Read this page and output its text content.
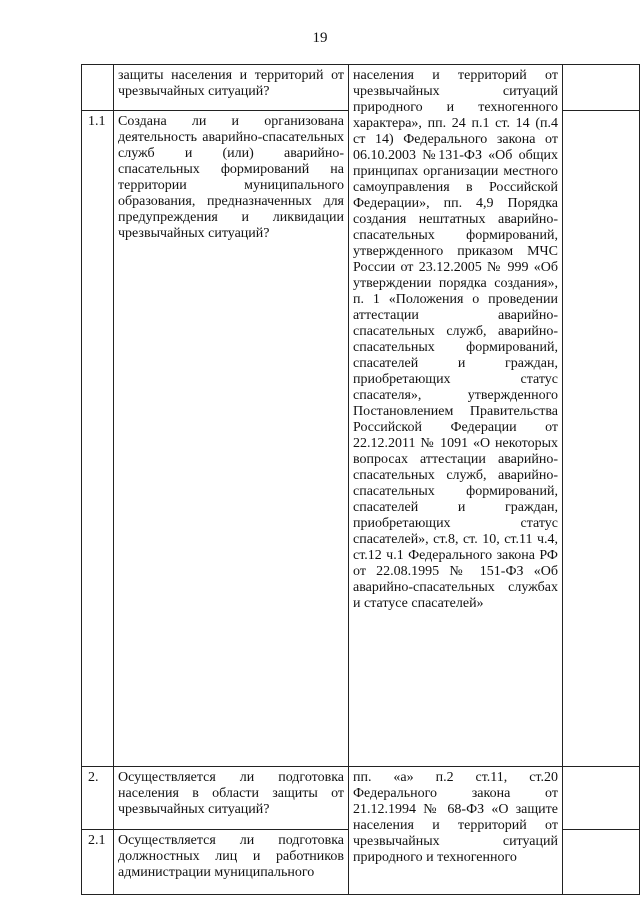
19
	защиты населения и территорий от чрезвычайных ситуаций?	населения и территорий от чрезвычайных ситуаций природного и техногенного характера», пп. 24 п.1 ст. 14 (п.4 ст 14) Федерального закона от 06.10.2003 №131-ФЗ «Об общих принципах организации местного самоуправления в Российской Федерации», пп. 4,9 Порядка создания нештатных аварийно-спасательных формирований, утвержденного приказом МЧС России от 23.12.2005 № 999 «Об утверждении порядка создания», п. 1 «Положения о проведении аттестации аварийно-спасательных служб, аварийно-спасательных формирований, спасателей и граждан, приобретающих статус спасателя», утвержденного Постановлением Правительства Российской Федерации от 22.12.2011 № 1091 «О некоторых вопросах аттестации аварийно-спасательных служб, аварийно-спасательных формирований, спасателей и граждан, приобретающих статус спасателей», ст.8, ст. 10, ст.11 ч.4, ст.12 ч.1 Федерального закона РФ от 22.08.1995 № 151-ФЗ «Об аварийно-спасательных службах и статусе спасателей»	
1.1	Создана ли и организована деятельность аварийно-спасательных служб и (или) аварийно-спасательных формирований на территории муниципального образования, предназначенных для предупреждения и ликвидации чрезвычайных ситуаций?		
2.	Осуществляется ли подготовка населения в области защиты от чрезвычайных ситуаций?	пп. «а» п.2 ст.11, ст.20 Федерального закона от 21.12.1994 № 68-ФЗ «О защите населения и территорий от чрезвычайных ситуаций природного и техногенного	
2.1	Осуществляется ли подготовка должностных лиц и работников администрации муниципального		
